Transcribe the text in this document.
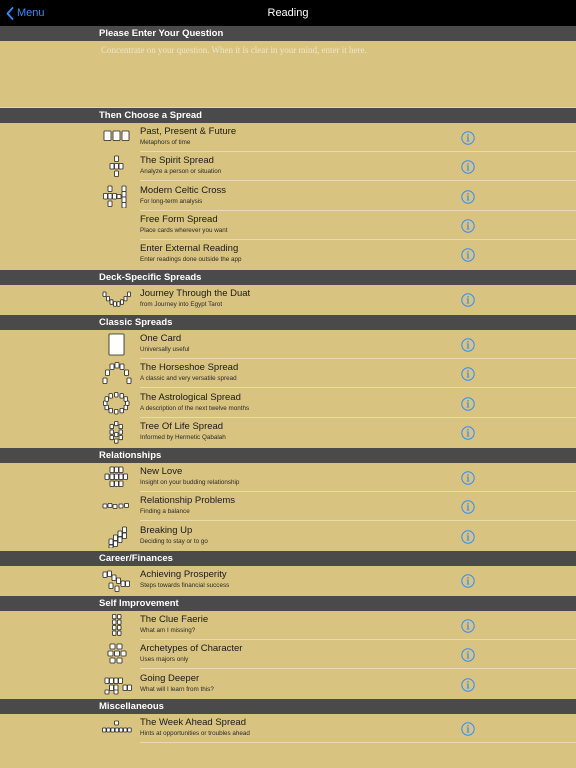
Menu	Reading
Please Enter Your Question
Concentrate on your question. When it is clear in your mind, enter it here.
Then Choose a Spread
Past, Present & Future
Metaphors of time
The Spirit Spread
Analyze a person or situation
Modern Celtic Cross
For long-term analysis
Free Form Spread
Place cards wherever you want
Enter External Reading
Enter readings done outside the app
Deck-Specific Spreads
Journey Through the Duat
from Journey into Egypt Tarot
Classic Spreads
One Card
Universally useful
The Horseshoe Spread
A classic and very versatile spread
The Astrological Spread
A description of the next twelve months
Tree Of Life Spread
Informed by Hermetic Qabalah
Relationships
New Love
Insight on your budding relationship
Relationship Problems
Finding a balance
Breaking Up
Deciding to stay or to go
Career/Finances
Achieving Prosperity
Steps towards financial success
Self Improvement
The Clue Faerie
What am I missing?
Archetypes of Character
Uses majors only
Going Deeper
What will I learn from this?
Miscellaneous
The Week Ahead Spread
Hints at opportunities or troubles ahead
